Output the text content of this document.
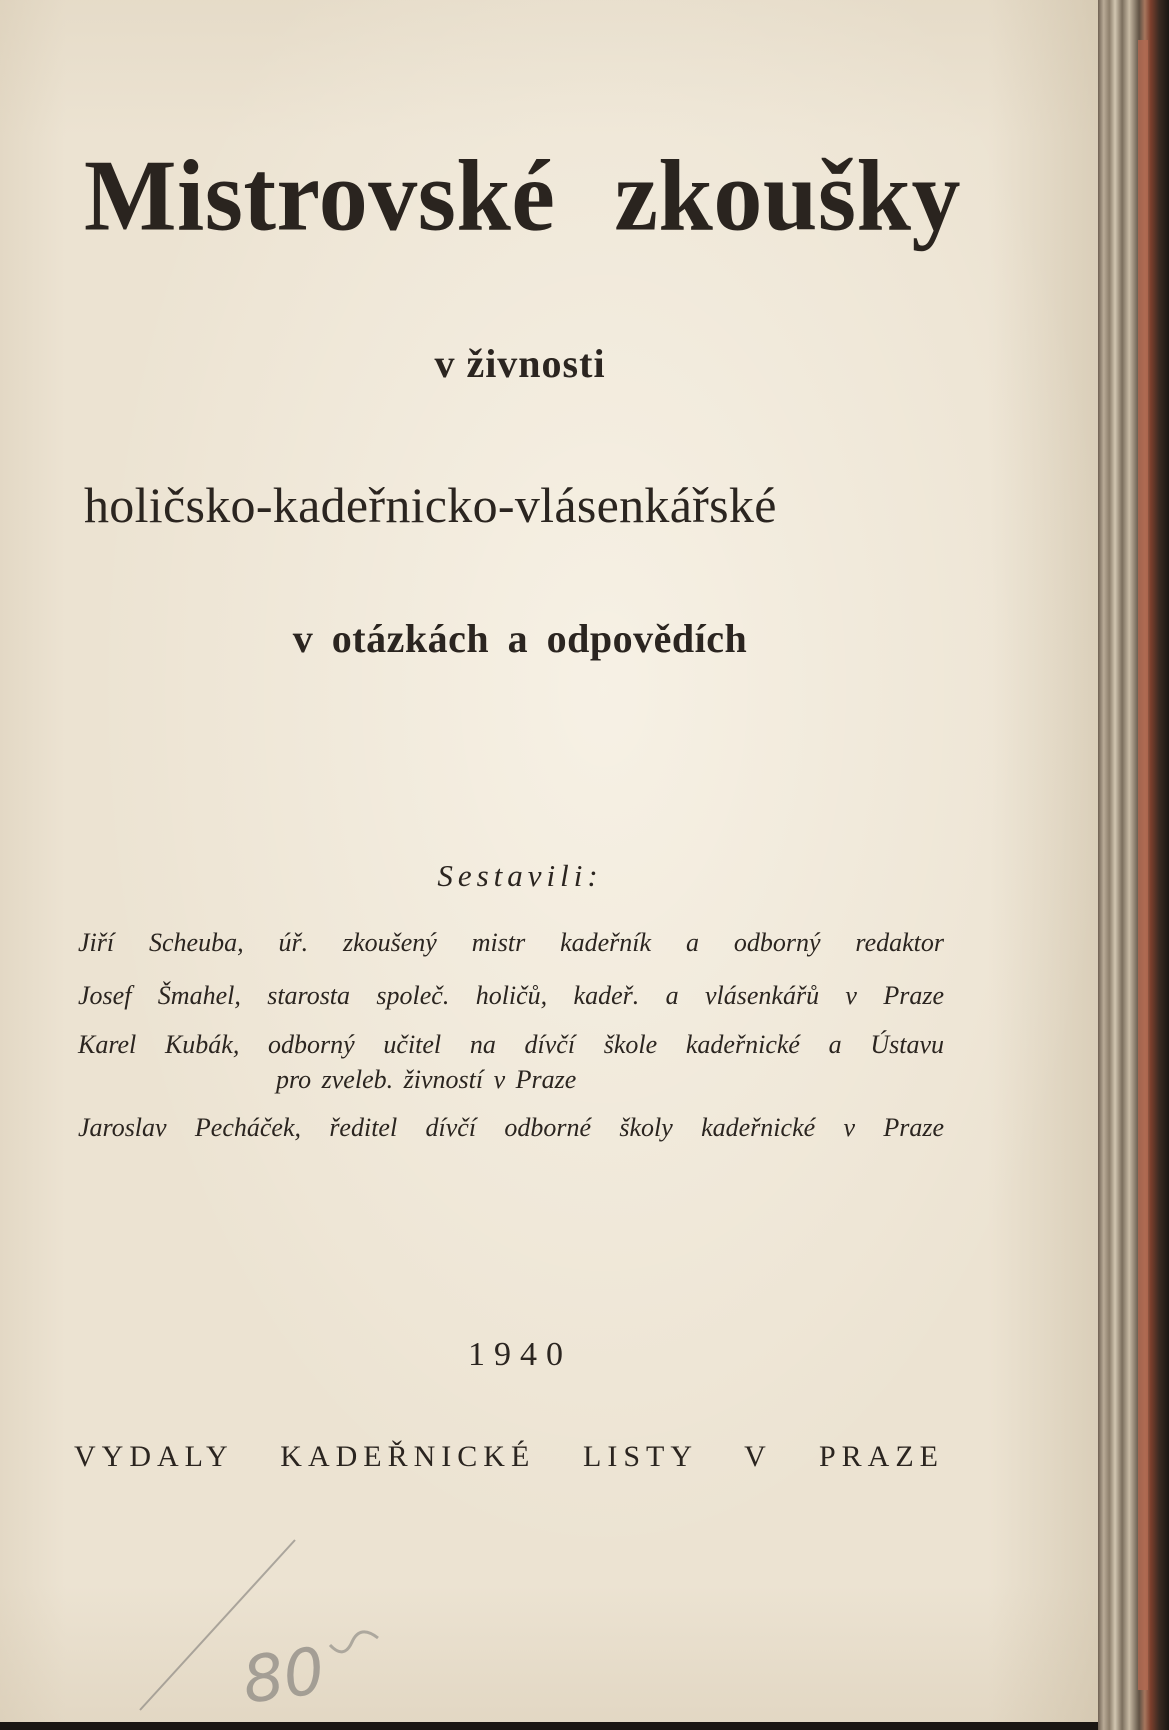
Mistrovské zkoušky
v živnosti
holičsko-kadeřnicko-vlásenkářské
v otázkách a odpovědích
Sestavili:
Jiří Scheuba, úř. zkoušený mistr kadeřník a odborný redaktor
Josef Šmahel, starosta společ. holičů, kadeř. a vlásenkářů v Praze
Karel Kubák, odborný učitel na dívčí škole kadeřnické a Ústavu
pro zveleb. živností v Praze
Jaroslav Pecháček, ředitel dívčí odborné školy kadeřnické v Praze
1940
VYDALY KADEŘNICKÉ LISTY V PRAZE
80
